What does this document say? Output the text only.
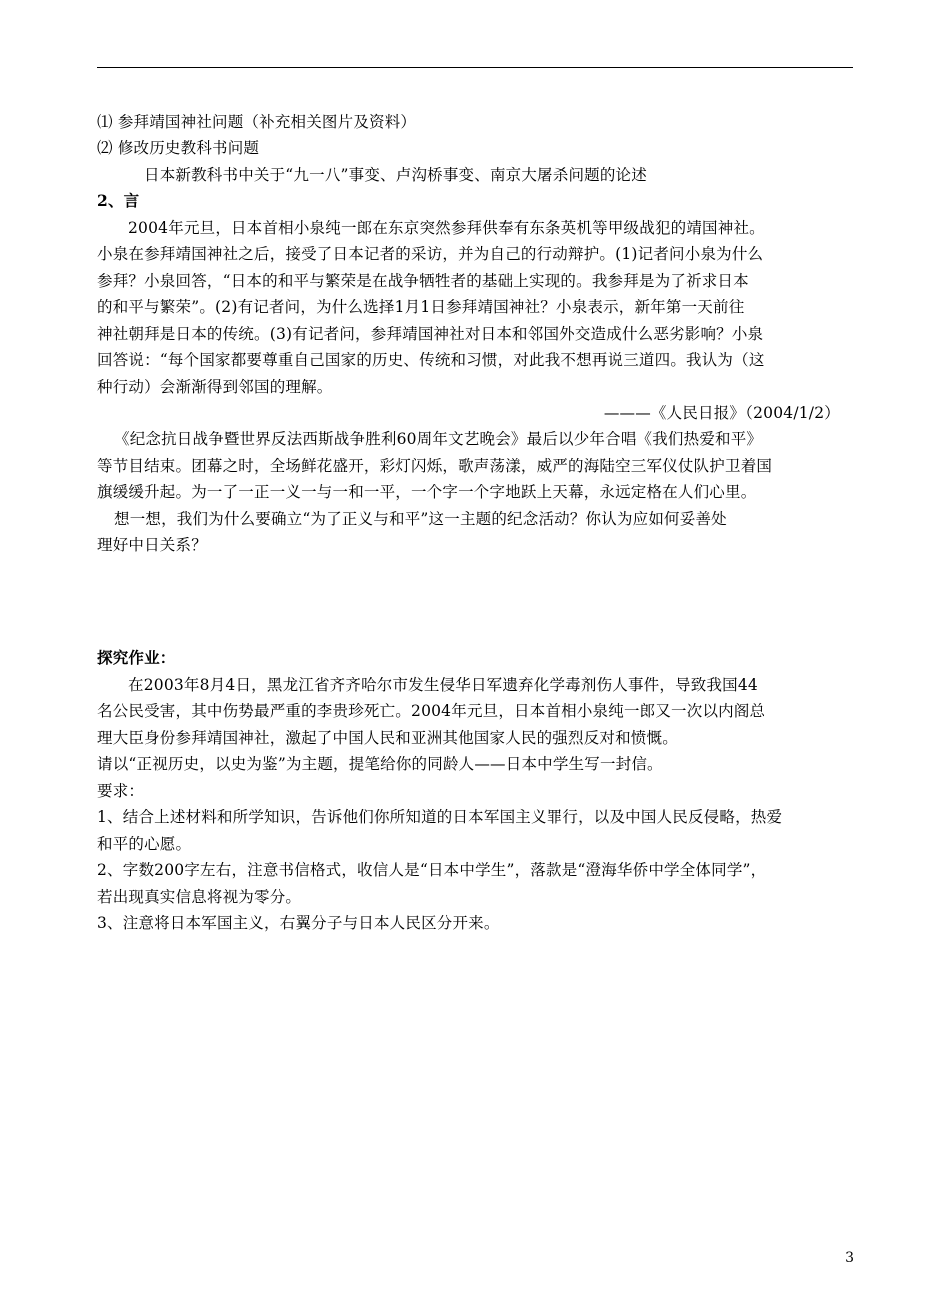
⑴ 参拜靖国神社问题（补充相关图片及资料）
⑵ 修改历史教科书问题
日本新教科书中关于“九一八”事变、卢沟桥事变、南京大屠杀问题的论述
2、言
2004年元旦，日本首相小泉纯一郎在东京突然参拜供奉有东条英机等甲级战犯的靖国神社。
小泉在参拜靖国神社之后，接受了日本记者的采访，并为自己的行动辩护。(1)记者问小泉为什么
参拜？小泉回答，“日本的和平与繁荣是在战争牺牲者的基础上实现的。我参拜是为了祈求日本
的和平与繁荣”。(2)有记者问，为什么选择1月1日参拜靖国神社？小泉表示，新年第一天前往
神社朝拜是日本的传统。(3)有记者问，参拜靖国神社对日本和邻国外交造成什么恶劣影响？小泉
回答说：“每个国家都要尊重自己国家的历史、传统和习惯，对此我不想再说三道四。我认为（这
种行动）会渐渐得到邻国的理解。
———《人民日报》（2004/1/2）
《纪念抗日战争暨世界反法西斯战争胜利60周年文艺晚会》最后以少年合唱《我们热爱和平》
等节目结束。团幕之时，全场鲜花盛开，彩灯闪烁，歌声荡漾，威严的海陆空三军仪仗队护卫着国
旗缓缓升起。为一了一正一义一与一和一平，一个字一个字地跃上天幕，永远定格在人们心里。
想一想，我们为什么要确立“为了正义与和平”这一主题的纪念活动？你认为应如何妥善处
理好中日关系？
探究作业：
在2003年8月4日，黑龙江省齐齐哈尔市发生侵华日军遗弃化学毒剂伤人事件，导致我国44
名公民受害，其中伤势最严重的李贵珍死亡。2004年元旦，日本首相小泉纯一郎又一次以内阁总
理大臣身份参拜靖国神社，激起了中国人民和亚洲其他国家人民的强烈反对和愤慨。
请以“正视历史，以史为鉴”为主题，提笔给你的同龄人——日本中学生写一封信。
要求：
1、结合上述材料和所学知识，告诉他们你所知道的日本军国主义罪行，以及中国人民反侵略，热爱
和平的心愿。
2、字数200字左右，注意书信格式，收信人是“日本中学生”，落款是“澄海华侨中学全体同学”，
若出现真实信息将视为零分。
3、注意将日本军国主义，右翼分子与日本人民区分开来。
3
